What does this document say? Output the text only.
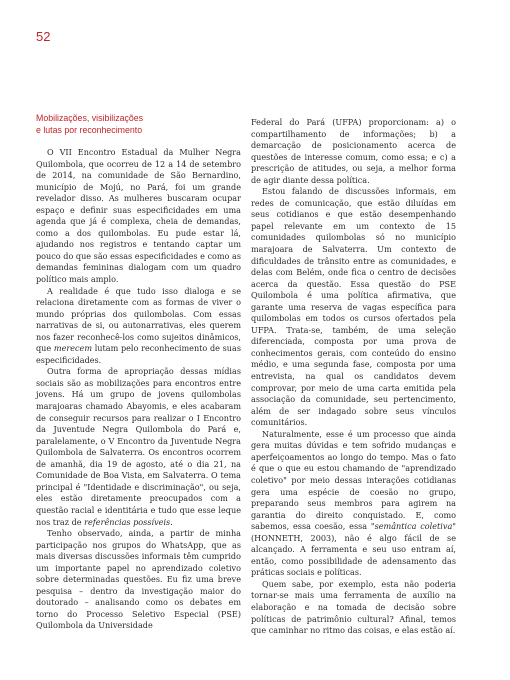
52
Mobilizações, visibilizações
e lutas por reconhecimento

O VII Encontro Estadual da Mulher Negra Quilombola, que ocorreu de 12 a 14 de setembro de 2014, na comunidade de São Bernardino, município de Mojú, no Pará, foi um grande revelador disso. As mulheres buscaram ocupar espaço e definir suas especificidades em uma agenda que já é complexa, cheia de demandas, como a dos quilombolas. Eu pude estar lá, ajudando nos registros e tentando captar um pouco do que são essas especificidades e como as demandas femininas dialogam com um quadro político mais amplo.

A realidade é que tudo isso dialoga e se relaciona diretamente com as formas de viver o mundo próprias dos quilombolas. Com essas narrativas de si, ou autonarrativas, eles querem nos fazer reconhecê-los como sujeitos dinâmicos, que merecem lutam pelo reconhecimento de suas especificidades.

Outra forma de apropriação dessas mídias sociais são as mobilizações para encontros entre jovens. Há um grupo de jovens quilombolas marajoaras chamado Abayomis, e eles acabaram de conseguir recursos para realizar o I Encontro da Juventude Negra Quilombola do Pará e, paralelamente, o V Encontro da Juventude Negra Quilombola de Salvaterra. Os encontros ocorrem de amanhã, dia 19 de agosto, até o dia 21, na Comunidade de Boa Vista, em Salvaterra. O tema principal é "Identidade e discriminação", ou seja, eles estão diretamente preocupados com a questão racial e identitária e tudo que esse leque nos traz de referências possíveis.

Tenho observado, ainda, a partir de minha participação nos grupos do WhatsApp, que as mais diversas discussões informais têm cumprido um importante papel no aprendizado coletivo sobre determinadas questões. Eu fiz uma breve pesquisa – dentro da investigação maior do doutorado – analisando como os debates em torno do Processo Seletivo Especial (PSE) Quilombola da Universidade

Federal do Pará (UFPA) proporcionam: a) o compartilhamento de informações; b) a demarcação de posicionamento acerca de questões de interesse comum, como essa; e c) a prescrição de atitudes, ou seja, a melhor forma de agir diante dessa política.

Estou falando de discussões informais, em redes de comunicação, que estão diluídas em seus cotidianos e que estão desempenhando papel relevante em um contexto de 15 comunidades quilombolas só no município marajoara de Salvaterra. Um contexto de dificuldades de trânsito entre as comunidades, e delas com Belém, onde fica o centro de decisões acerca da questão. Essa questão do PSE Quilombola é uma política afirmativa, que garante uma reserva de vagas específica para quilombolas em todos os cursos ofertados pela UFPA. Trata-se, também, de uma seleção diferenciada, composta por uma prova de conhecimentos gerais, com conteúdo do ensino médio, e uma segunda fase, composta por uma entrevista, na qual os candidatos devem comprovar, por meio de uma carta emitida pela associação da comunidade, seu pertencimento, além de ser indagado sobre seus vínculos comunitários.

Naturalmente, esse é um processo que ainda gera muitas dúvidas e tem sofrido mudanças e aperfeiçoamentos ao longo do tempo. Mas o fato é que o que eu estou chamando de "aprendizado coletivo" por meio dessas interações cotidianas gera uma espécie de coesão no grupo, preparando seus membros para agirem na garantia do direito conquistado. E, como sabemos, essa coesão, essa "semântica coletiva" (HONNETH, 2003), não é algo fácil de se alcançado. A ferramenta e seu uso entram aí, então, como possibilidade de adensamento das práticas sociais e políticas.

Quem sabe, por exemplo, esta não poderia tornar-se mais uma ferramenta de auxílio na elaboração e na tomada de decisão sobre políticas de patrimônio cultural? Afinal, temos que caminhar no ritmo das coisas, e elas estão aí.
